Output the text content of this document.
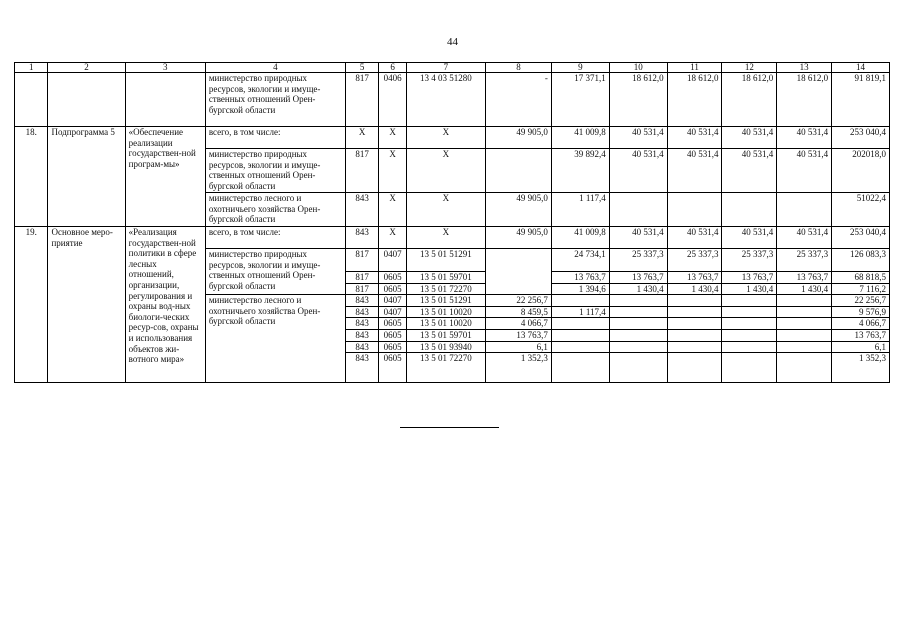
44
1	2	3	4	5	6	7	8	9	10	11	12	13	14
			министерство природных ресурсов, экологии и имуще-ственных отношений Орен-бургской области	817	0406	13 4 03 51280	-	17 371,1	18 612,0	18 612,0	18 612,0	18 612,0	91 819,1
18.	Подпрограмма 5	«Обеспечение реализации государствен-ной програм-мы»	всего, в том числе:	X	X	X	49 905,0	41 009,8	40 531,4	40 531,4	40 531,4	40 531,4	253 040,4
			министерство природных ресурсов, экологии и имуще-ственных отношений Орен-бургской области	817	X	X		39 892,4	40 531,4	40 531,4	40 531,4	40 531,4	202018,0
			министерство лесного и охотничьего хозяйства Орен-бургской области	843	X	X	49 905,0	1 117,4					51022,4
19.	Основное меро-приятие	«Реализация государствен-ной политики в сфере лесных отношений, организации, регулирования и охраны вод-ных биологи-ческих ресур-сов, охраны и использования объектов жи-вотного мира»	всего, в том числе:	843	X	X	49 905,0	41 009,8	40 531,4	40 531,4	40 531,4	40 531,4	253 040,4
			министерство природных ресурсов, экологии и имуще-ственных отношений Орен-бургской области	817	0407	13 5 01 51291		24 734,1	25 337,3	25 337,3	25 337,3	25 337,3	126 083,3
				817	0605	13 5 01 59701		13 763,7	13 763,7	13 763,7	13 763,7	13 763,7	68 818,5
				817	0605	13 5 01 72270		1 394,6	1 430,4	1 430,4	1 430,4	1 430,4	7 116,2
			министерство лесного и охотничьего хозяйства Орен-бургской области	843	0407	13 5 01 51291	22 256,7						22 256,7
				843	0407	13 5 01 10020	8 459,5	1 117,4					9 576,9
				843	0605	13 5 01 10020	4 066,7						4 066,7
				843	0605	13 5 01 59701	13 763,7						13 763,7
				843	0605	13 5 01 93940	6,1						6,1
				843	0605	13 5 01 72270	1 352,3						1 352,3
